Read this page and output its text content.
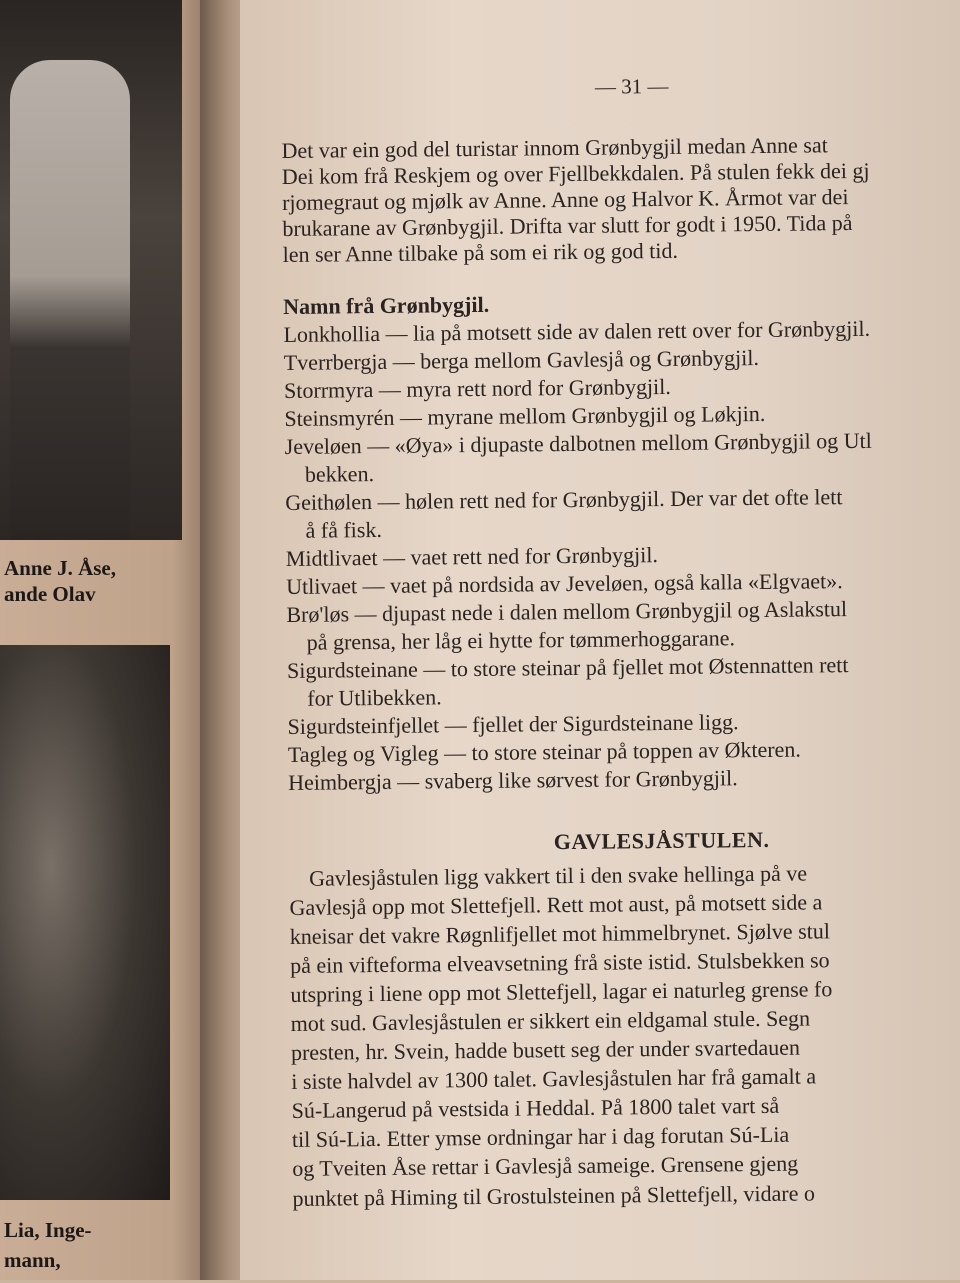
Anne J. Åse,
ande Olav
Lia, Inge-
mann,
— 31 —
Det var ein god del turistar innom Grønbygjil medan Anne sat
Dei kom frå Reskjem og over Fjellbekkdalen. På stulen fekk dei gj
rjomegraut og mjølk av Anne. Anne og Halvor K. Årmot var dei
brukarane av Grønbygjil. Drifta var slutt for godt i 1950. Tida på
len ser Anne tilbake på som ei rik og god tid.
Namn frå Grønbygjil.
Lonkhollia — lia på motsett side av dalen rett over for Grønbygjil.
Tverrbergja — berga mellom Gavlesjå og Grønbygjil.
Storrmyra — myra rett nord for Grønbygjil.
Steinsmyrén — myrane mellom Grønbygjil og Løkjin.
Jeveløen — «Øya» i djupaste dalbotnen mellom Grønbygjil og Utl
bekken.
Geithølen — hølen rett ned for Grønbygjil. Der var det ofte lett
å få fisk.
Midtlivaet — vaet rett ned for Grønbygjil.
Utlivaet — vaet på nordsida av Jeveløen, også kalla «Elgvaet».
Brø'løs — djupast nede i dalen mellom Grønbygjil og Aslakstul
på grensa, her låg ei hytte for tømmerhoggarane.
Sigurdsteinane — to store steinar på fjellet mot Østennatten rett
for Utlibekken.
Sigurdsteinfjellet — fjellet der Sigurdsteinane ligg.
Tagleg og Vigleg — to store steinar på toppen av Økteren.
Heimbergja — svaberg like sørvest for Grønbygjil.
GAVLESJÅSTULEN.
Gavlesjåstulen ligg vakkert til i den svake hellinga på ve
Gavlesjå opp mot Slettefjell. Rett mot aust, på motsett side a
kneisar det vakre Røgnlifjellet mot himmelbrynet. Sjølve stul
på ein vifteforma elveavsetning frå siste istid. Stulsbekken so
utspring i liene opp mot Slettefjell, lagar ei naturleg grense fo
mot sud. Gavlesjåstulen er sikkert ein eldgamal stule. Segn
presten, hr. Svein, hadde busett seg der under svartedauen
i siste halvdel av 1300 talet. Gavlesjåstulen har frå gamalt a
Sú-Langerud på vestsida i Heddal. På 1800 talet vart så
til Sú-Lia. Etter ymse ordningar har i dag forutan Sú-Lia
og Tveiten Åse rettar i Gavlesjå sameige. Grensene gjeng
punktet på Himing til Grostulsteinen på Slettefjell, vidare o
